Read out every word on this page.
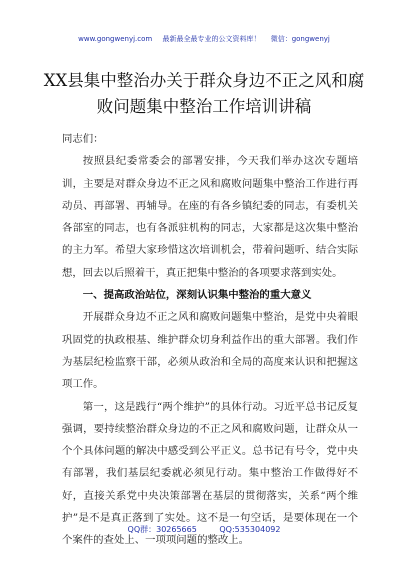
www.gongwenyj.com 最新最全最专业的公文资料库！ 微信：gongwenyj
XX县集中整治办关于群众身边不正之风和腐
败问题集中整治工作培训讲稿

同志们：

按照县纪委常委会的部署安排，今天我们举办这次专题培训，主要是对群众身边不正之风和腐败问题集中整治工作进行再动员、再部署、再辅导。在座的有各乡镇纪委的同志，有委机关各部室的同志，也有各派驻机构的同志，大家都是这次集中整治的主力军。希望大家珍惜这次培训机会，带着问题听、结合实际想，回去以后照着干，真正把集中整治的各项要求落到实处。

一、提高政治站位，深刻认识集中整治的重大意义

开展群众身边不正之风和腐败问题集中整治，是党中央着眼巩固党的执政根基、维护群众切身利益作出的重大部署。我们作为基层纪检监察干部，必须从政治和全局的高度来认识和把握这项工作。

第一，这是践行“两个维护”的具体行动。习近平总书记反复强调，要持续整治群众身边的不正之风和腐败问题，让群众从一个个具体问题的解决中感受到公平正义。总书记有号令，党中央有部署，我们基层纪委就必须见行动。集中整治工作做得好不好，直接关系党中央决策部署在基层的贯彻落实，关系“两个维护”是不是真正落到了实处。这不是一句空话，是要体现在一个个案件的查处上、一项项问题的整改上。

QQ群：30265665	QQ:535304092
